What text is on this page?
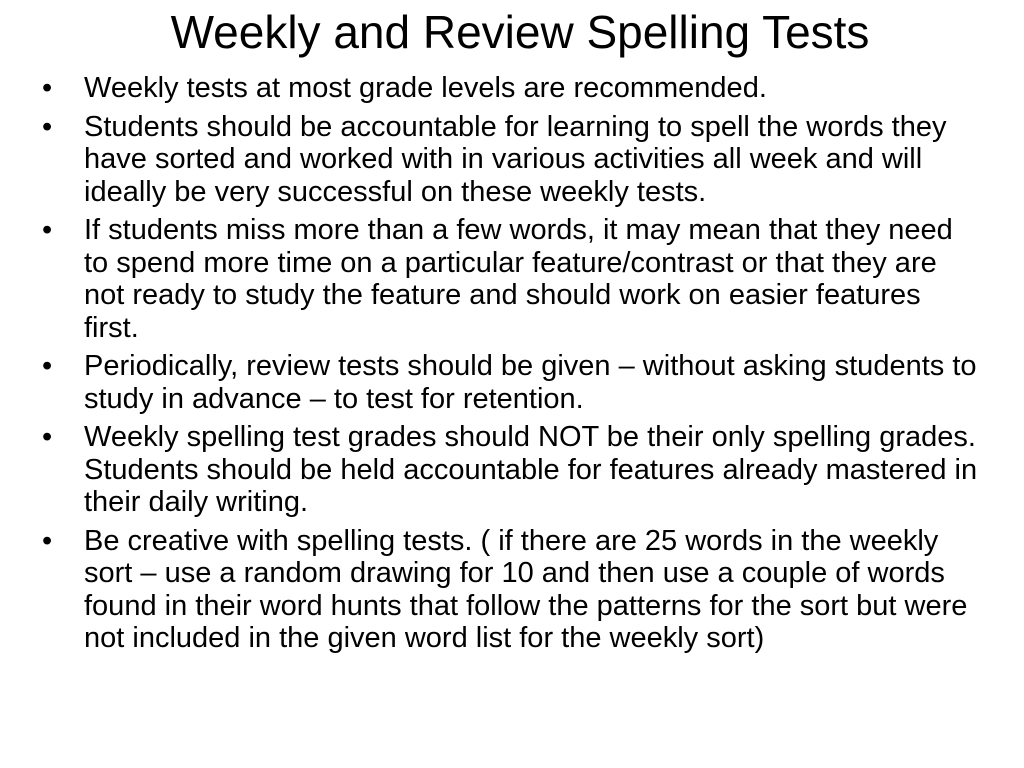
Weekly and Review Spelling Tests
•	Weekly tests at most grade levels are recommended.
•	Students should be accountable for learning to spell the words they have sorted and worked with in various activities all week and will ideally be very successful on these weekly tests.
•	If students miss more than a few words, it may mean that they need to spend more time on a particular feature/contrast or that they are not ready to study the feature and should work on easier features first.
•	Periodically, review tests should be given – without asking students to study in advance – to test for retention.
•	Weekly spelling test grades should NOT be their only spelling grades. Students should be held accountable for features already mastered in their daily writing.
•	Be creative with spelling tests. ( if there are 25 words in the weekly sort – use a random drawing for 10 and then use a couple of words found in their word hunts that follow the patterns for the sort but were not included in the given word list for the weekly sort)
